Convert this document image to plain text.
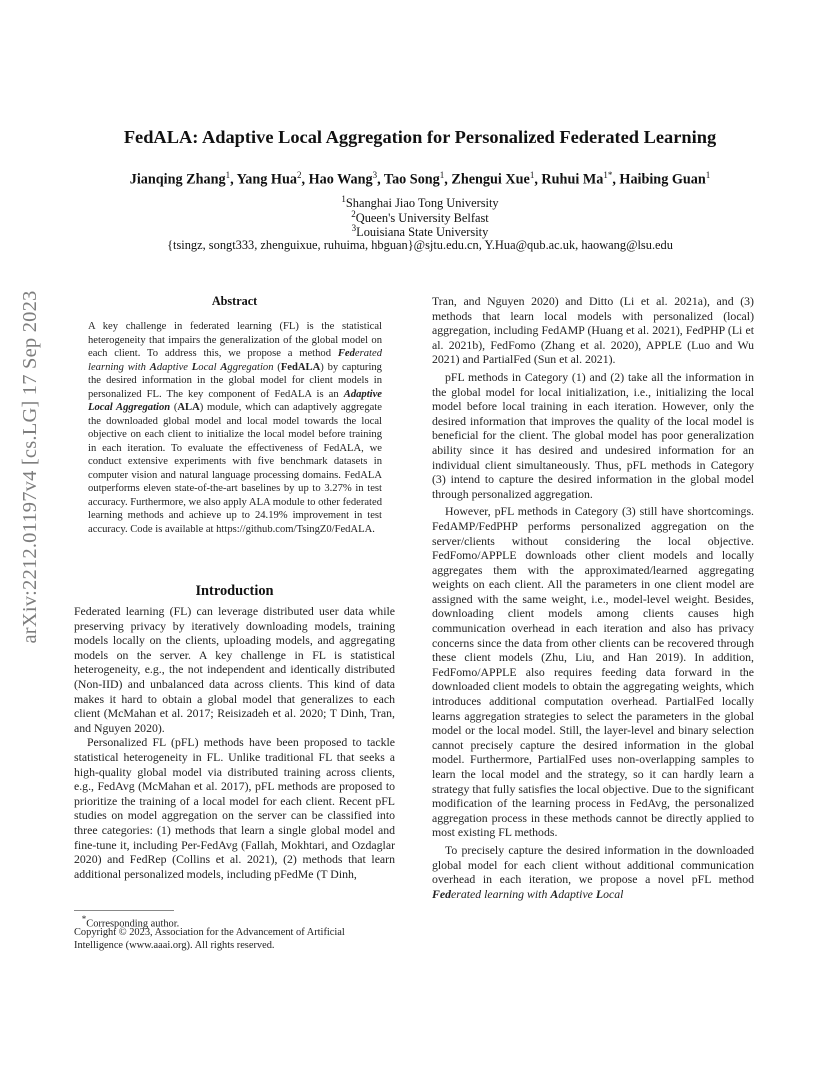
arXiv:2212.01197v4 [cs.LG] 17 Sep 2023
FedALA: Adaptive Local Aggregation for Personalized Federated Learning
Jianqing Zhang$^1$, Yang Hua$^2$, Hao Wang$^3$, Tao Song$^1$, Zhengui Xue$^1$, Ruhui $Ma^{1*}$, Haibing Guan$^1$
$^1$Shanghai Jiao Tong University
$^2$Queen's University Belfast
$^3$Louisiana State University
{tsingz, songt333, zhenguixue, ruhuima, hbguan}@sjtu.edu.cn, Y.Hua@qub.ac.uk, haowang@lsu.edu
Abstract
A key challenge in federated learning (FL) is the statistical heterogeneity that impairs the generalization of the global model on each client. To address this, we propose a method Federated learning with Adaptive Local Aggregation (FedALA) by capturing the desired information in the global model for client models in personalized FL. The key component of FedALA is an Adaptive Local Aggregation (ALA) module, which can adaptively aggregate the downloaded global model and local model towards the local objective on each client to initialize the local model before training in each iteration. To evaluate the effectiveness of FedALA, we conduct extensive experiments with five benchmark datasets in computer vision and natural language processing domains. FedALA outperforms eleven state-of-the-art baselines by up to 3.27% in test accuracy. Furthermore, we also apply ALA module to other federated learning methods and achieve up to 24.19% improvement in test accuracy. Code is available at https://github.com/TsingZ0/FedALA.
Introduction

Federated learning (FL) can leverage distributed user data while preserving privacy by iteratively downloading models, training models locally on the clients, uploading models, and aggregating models on the server. A key challenge in FL is statistical heterogeneity, e.g., the not independent and identically distributed (Non-IID) and unbalanced data across clients. This kind of data makes it hard to obtain a global model that generalizes to each client (McMahan et al. 2017; Reisizadeh et al. 2020; T Dinh, Tran, and Nguyen 2020).

Personalized FL (pFL) methods have been proposed to tackle statistical heterogeneity in FL. Unlike traditional FL that seeks a high-quality global model via distributed training across clients, e.g., FedAvg (McMahan et al. 2017), pFL methods are proposed to prioritize the training of a local model for each client. Recent pFL studies on model aggregation on the server can be classified into three categories: (1) methods that learn a single global model and fine-tune it, including Per-FedAvg (Fallah, Mokhtari, and Ozdaglar 2020) and FedRep (Collins et al. 2021), (2) methods that learn additional personalized models, including pFedMe (T Dinh,

*Corresponding author.
Copyright © 2023, Association for the Advancement of Artificial Intelligence (www.aaai.org). All rights reserved.

Tran, and Nguyen 2020) and Ditto (Li et al. 2021a), and (3) methods that learn local models with personalized (local) aggregation, including FedAMP (Huang et al. 2021), FedPHP (Li et al. 2021b), FedFomo (Zhang et al. 2020), APPLE (Luo and Wu 2021) and PartialFed (Sun et al. 2021).

pFL methods in Category (1) and (2) take all the information in the global model for local initialization, i.e., initializing the local model before local training in each iteration. However, only the desired information that improves the quality of the local model is beneficial for the client. The global model has poor generalization ability since it has desired and undesired information for an individual client simultaneously. Thus, pFL methods in Category (3) intend to capture the desired information in the global model through personalized aggregation.

However, pFL methods in Category (3) still have shortcomings. FedAMP/FedPHP performs personalized aggregation on the server/clients without considering the local objective. FedFomo/APPLE downloads other client models and locally aggregates them with the approximated/learned aggregating weights on each client. All the parameters in one client model are assigned with the same weight, i.e., model-level weight. Besides, downloading client models among clients causes high communication overhead in each iteration and also has privacy concerns since the data from other clients can be recovered through these client models (Zhu, Liu, and Han 2019). In addition, FedFomo/APPLE also requires feeding data forward in the downloaded client models to obtain the aggregating weights, which introduces additional computation overhead. PartialFed locally learns aggregation strategies to select the parameters in the global model or the local model. Still, the layer-level and binary selection cannot precisely capture the desired information in the global model. Furthermore, PartialFed uses non-overlapping samples to learn the local model and the strategy, so it can hardly learn a strategy that fully satisfies the local objective. Due to the significant modification of the learning process in FedAvg, the personalized aggregation process in these methods cannot be directly applied to most existing FL methods.

To precisely capture the desired information in the downloaded global model for each client without additional communication overhead in each iteration, we propose a novel pFL method Federated learning with Adaptive Local
